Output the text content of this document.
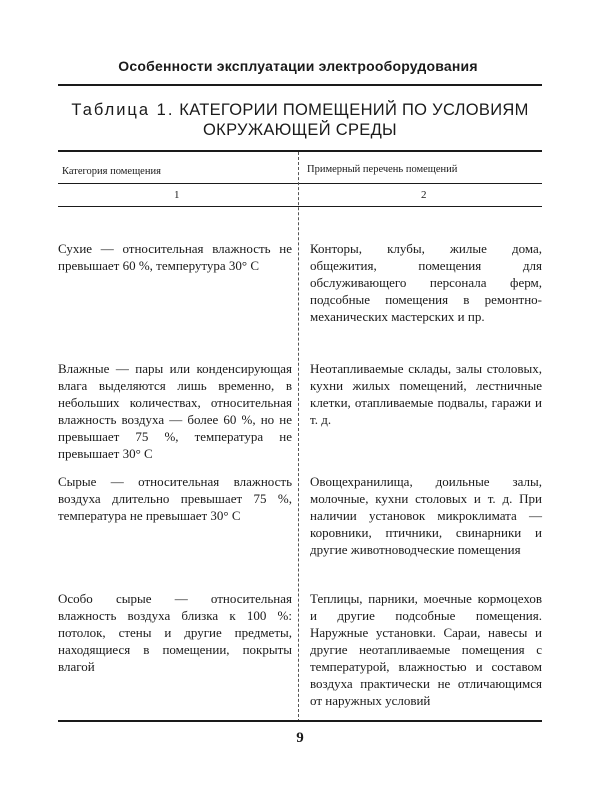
Особенности эксплуатации электрооборудования
Таблица 1. КАТЕГОРИИ ПОМЕЩЕНИЙ ПО УСЛОВИЯМ
ОКРУЖАЮЩЕЙ СРЕДЫ
Категория помещения	Примерный перечень помещений
1	2
Сухие — относительная влажность не превышает 60 %, темперутура 30° С
Конторы, клубы, жилые дома, общежития, помещения для обслуживающего персонала ферм, подсобные помещения в ремонтно-механических мастерских и пр.
Влажные — пары или конденсирующая влага выделяются лишь временно, в небольших количествах, относительная влажность воздуха — более 60 %, но не превышает 75 %, температура не превышает 30° С
Неотапливаемые склады, залы столовых, кухни жилых помещений, лестничные клетки, отапливаемые подвалы, гаражи и т. д.
Сырые — относительная влажность воздуха длительно превышает 75 %, температура не превышает 30° С
Овощехранилища, доильные залы, молочные, кухни столовых и т. д. При наличии установок микроклимата — коровники, птичники, свинарники и другие животноводческие помещения
Особо сырые — относительная влажность воздуха близка к 100 %: потолок, стены и другие предметы, находящиеся в помещении, покрыты влагой
Теплицы, парники, моечные кормоцехов и другие подсобные помещения. Наружные установки. Сараи, навесы и другие неотапливаемые помещения с температурой, влажностью и составом воздуха практически не отличающимся от наружных условий
9
